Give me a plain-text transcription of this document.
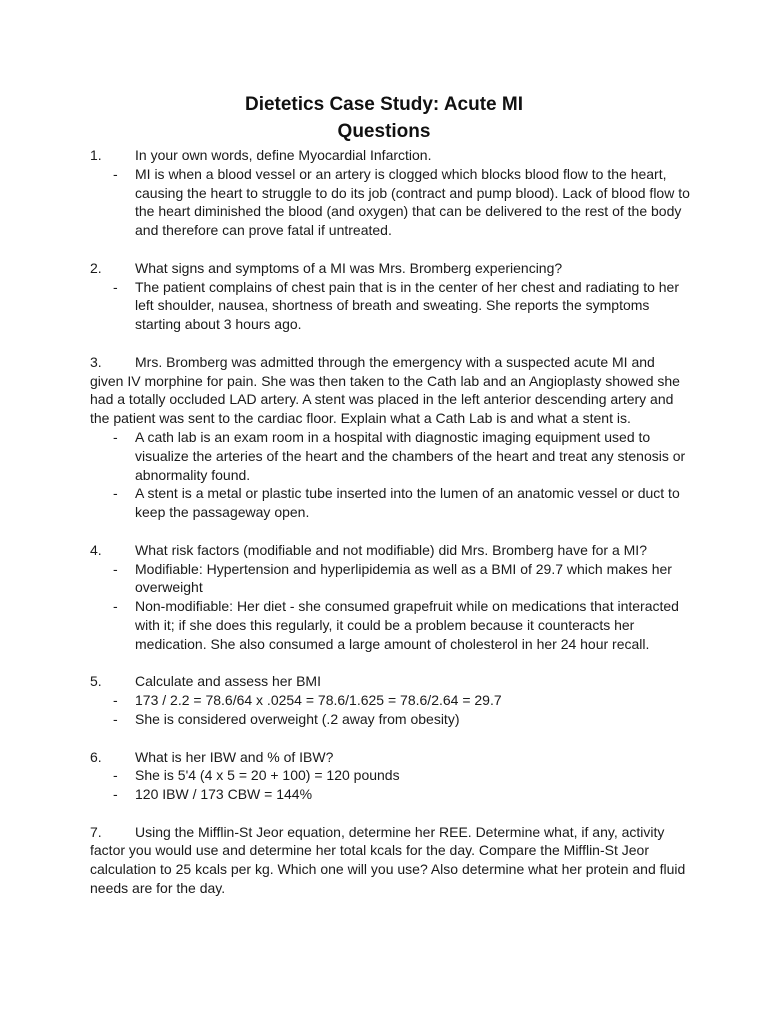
Dietetics Case Study: Acute MI
Questions
1.	In your own words, define Myocardial Infarction.
-	MI is when a blood vessel or an artery is clogged which blocks blood flow to the heart, causing the heart to struggle to do its job (contract and pump blood). Lack of blood flow to the heart diminished the blood (and oxygen) that can be delivered to the rest of the body and therefore can prove fatal if untreated.
2.	What signs and symptoms of a MI was Mrs. Bromberg experiencing?
-	The patient complains of chest pain that is in the center of her chest and radiating to her left shoulder, nausea, shortness of breath and sweating. She reports the symptoms starting about 3 hours ago.
3. Mrs. Bromberg was admitted through the emergency with a suspected acute MI and given IV morphine for pain. She was then taken to the Cath lab and an Angioplasty showed she had a totally occluded LAD artery. A stent was placed in the left anterior descending artery and the patient was sent to the cardiac floor. Explain what a Cath Lab is and what a stent is.
-	A cath lab is an exam room in a hospital with diagnostic imaging equipment used to visualize the arteries of the heart and the chambers of the heart and treat any stenosis or abnormality found.
-	A stent is a metal or plastic tube inserted into the lumen of an anatomic vessel or duct to keep the passageway open.
4.	What risk factors (modifiable and not modifiable) did Mrs. Bromberg have for a MI?
-	Modifiable: Hypertension and hyperlipidemia as well as a BMI of 29.7 which makes her overweight
-	Non-modifiable: Her diet - she consumed grapefruit while on medications that interacted with it; if she does this regularly, it could be a problem because it counteracts her medication. She also consumed a large amount of cholesterol in her 24 hour recall.
5.	Calculate and assess her BMI
-	173 / 2.2 = 78.6/64 x .0254 = 78.6/1.625 = 78.6/2.64 = 29.7
-	She is considered overweight (.2 away from obesity)
6.	What is her IBW and % of IBW?
-	She is 5'4 (4 x 5 = 20 + 100) = 120 pounds
-	120 IBW / 173 CBW = 144%
7. Using the Mifflin-St Jeor equation, determine her REE. Determine what, if any, activity factor you would use and determine her total kcals for the day. Compare the Mifflin-St Jeor calculation to 25 kcals per kg. Which one will you use? Also determine what her protein and fluid needs are for the day.
